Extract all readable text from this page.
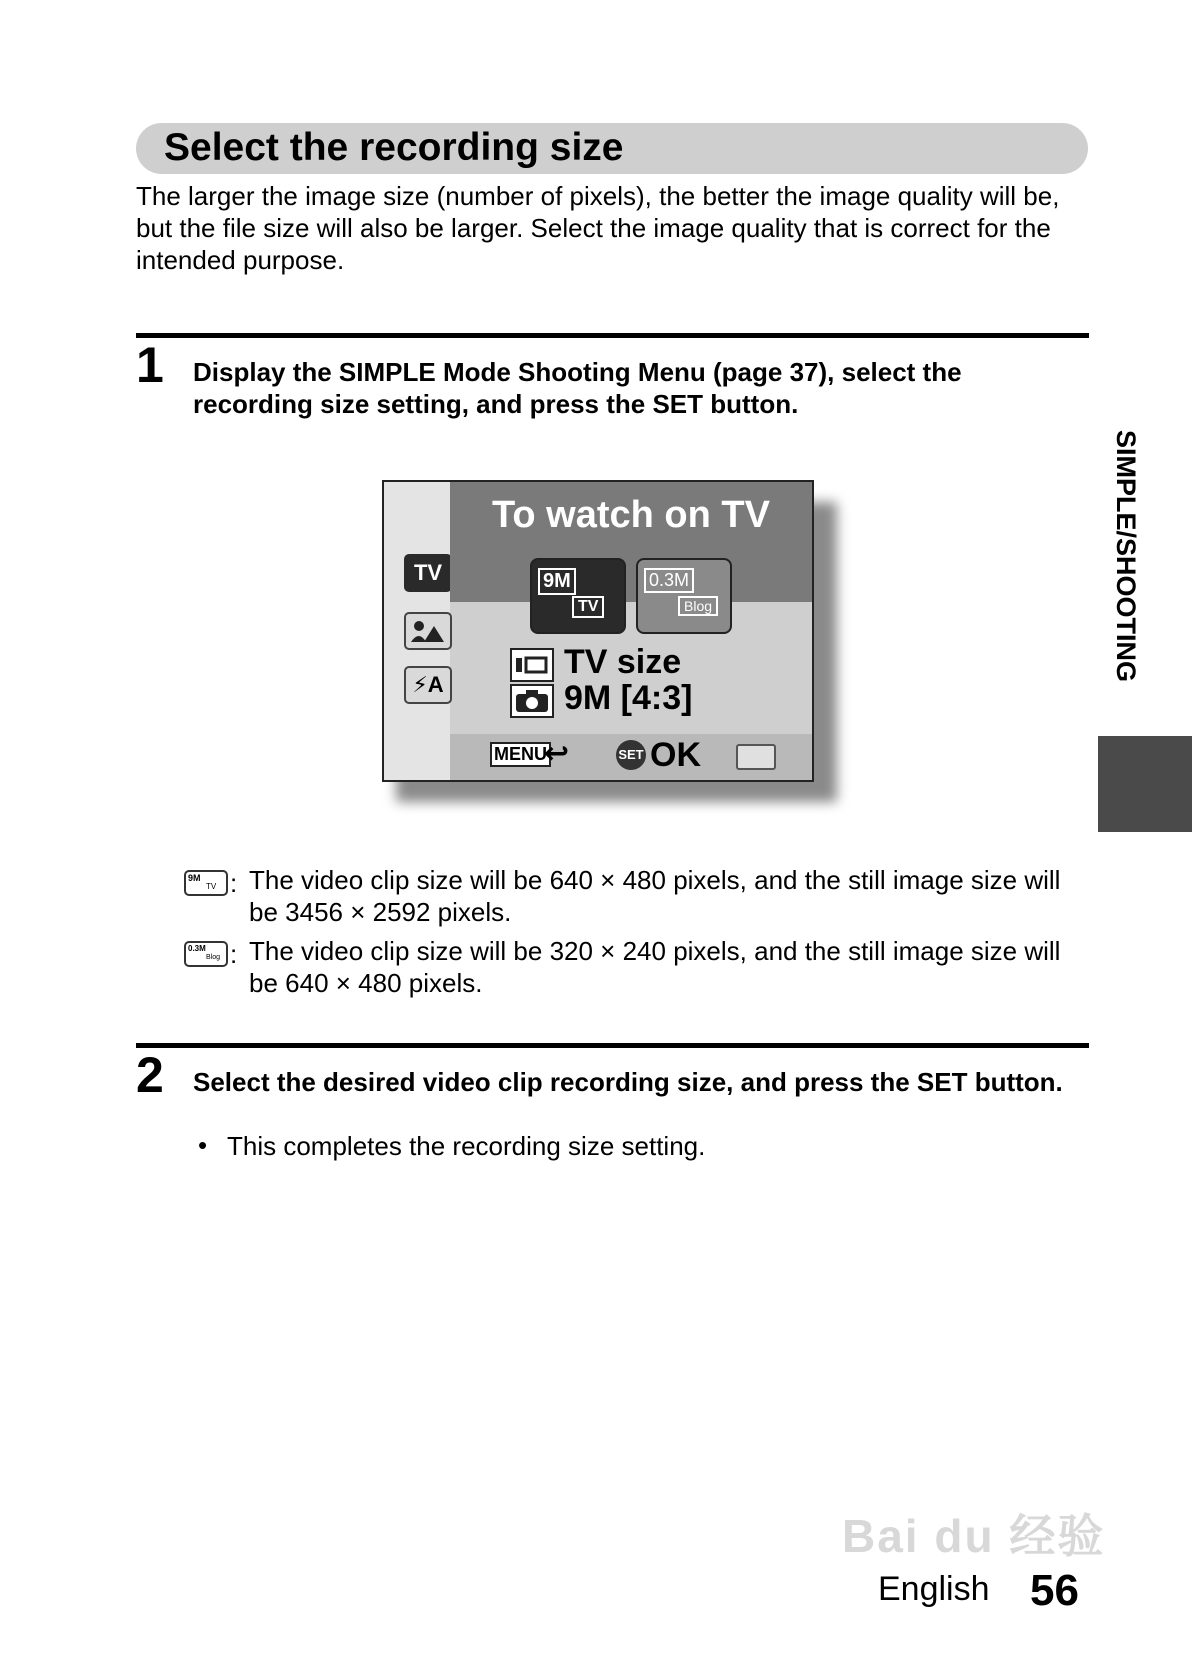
Select the recording size
The larger the image size (number of pixels), the better the image quality will be, but the file size will also be larger. Select the image quality that is correct for the intended purpose.
1 Display the SIMPLE Mode Shooting Menu (page 37), select the recording size setting, and press the SET button.
TV
⚡A
To watch on TV
9M
TV
0.3M
Blog
TV size
9M [4:3]
MENU
↩	SET OK
9M
TV : The video clip size will be 640 × 480 pixels, and the still image size will be 3456 × 2592 pixels.
0.3M
Blog : The video clip size will be 320 × 240 pixels, and the still image size will be 640 × 480 pixels.
2 Select the desired video clip recording size, and press the SET button.
• This completes the recording size setting.
SIMPLE/SHOOTING
Bai du 经验
English 56
